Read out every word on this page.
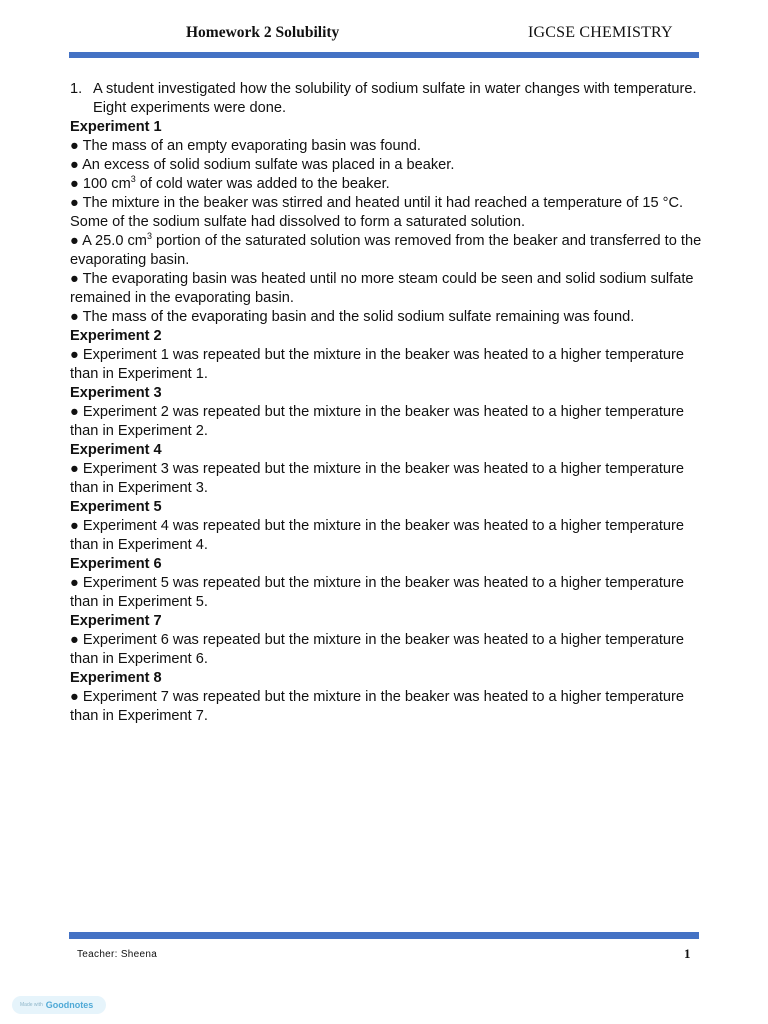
Homework 2 Solubility	IGCSE CHEMISTRY
1. A student investigated how the solubility of sodium sulfate in water changes with temperature. Eight experiments were done.

Experiment 1

● The mass of an empty evaporating basin was found.

● An excess of solid sodium sulfate was placed in a beaker.

● 100 $cm^3$ of cold water was added to the beaker.

● The mixture in the beaker was stirred and heated until it had reached a temperature of 15 °C.

Some of the sodium sulfate had dissolved to form a saturated solution.

● A 25.0 $cm^3$ portion of the saturated solution was removed from the beaker and transferred to the evaporating basin.

● The evaporating basin was heated until no more steam could be seen and solid sodium sulfate remained in the evaporating basin.

● The mass of the evaporating basin and the solid sodium sulfate remaining was found.

Experiment 2

● Experiment 1 was repeated but the mixture in the beaker was heated to a higher temperature than in Experiment 1.

Experiment 3

● Experiment 2 was repeated but the mixture in the beaker was heated to a higher temperature than in Experiment 2.

Experiment 4

● Experiment 3 was repeated but the mixture in the beaker was heated to a higher temperature than in Experiment 3.

Experiment 5

● Experiment 4 was repeated but the mixture in the beaker was heated to a higher temperature than in Experiment 4.

Experiment 6

● Experiment 5 was repeated but the mixture in the beaker was heated to a higher temperature than in Experiment 5.

Experiment 7

● Experiment 6 was repeated but the mixture in the beaker was heated to a higher temperature than in Experiment 6.

Experiment 8

● Experiment 7 was repeated but the mixture in the beaker was heated to a higher temperature than in Experiment 7.

Teacher: Sheena	1
Made with Goodnotes
